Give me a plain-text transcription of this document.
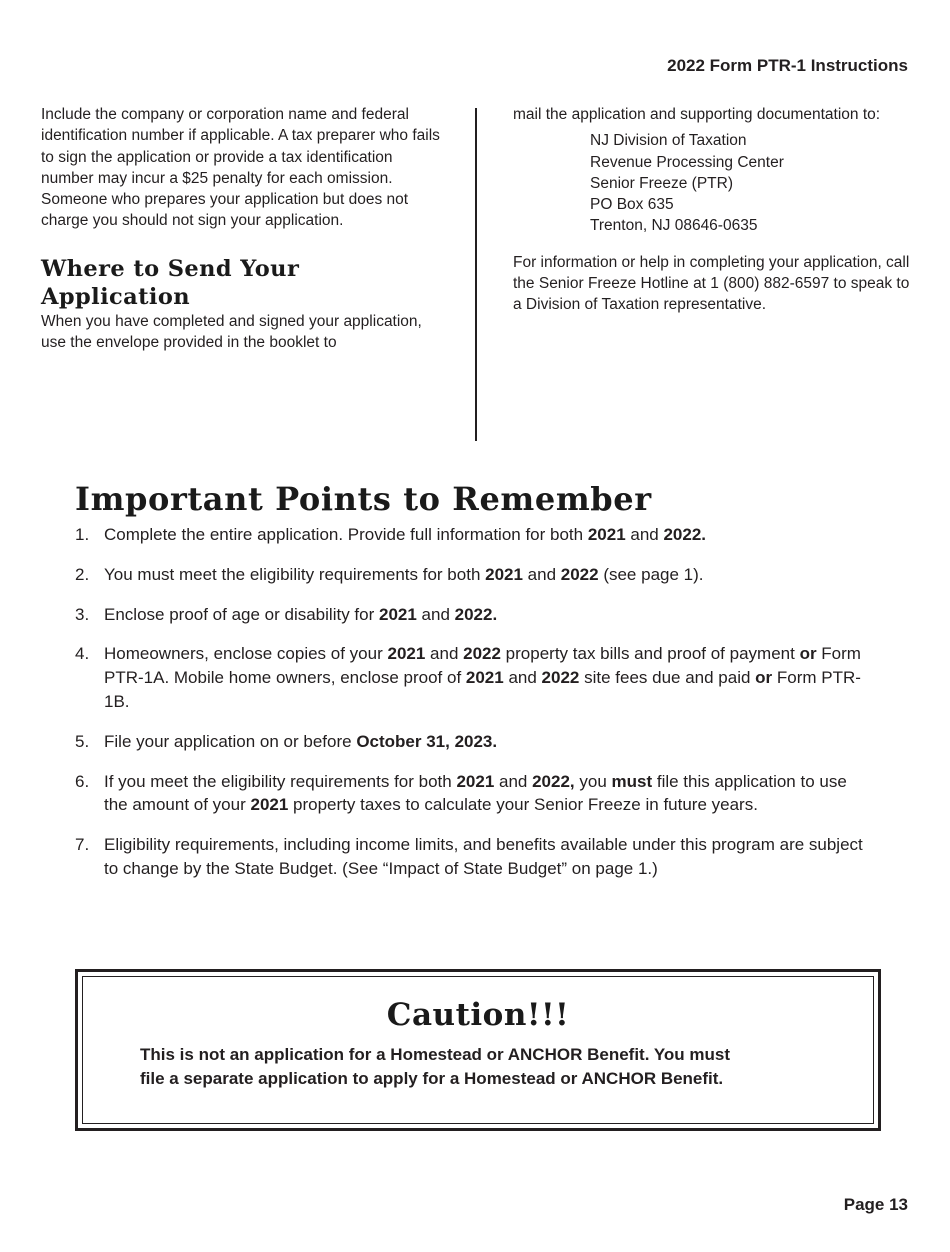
2022 Form PTR-1 Instructions

Include the company or corporation name and federal identification number if applicable. A tax preparer who fails to sign the application or provide a tax identification number may incur a $25 penalty for each omission. Someone who prepares your application but does not charge you should not sign your application.

Where to Send Your
Application

When you have completed and signed your application, use the envelope provided in the booklet to

mail the application and supporting documentation to:

NJ Division of Taxation
Revenue Processing Center
Senior Freeze (PTR)
PO Box 635
Trenton, NJ 08646-0635

For information or help in completing your application, call the Senior Freeze Hotline at 1 (800) 882-6597 to speak to a Division of Taxation representative.

Important Points to Remember
1. Complete the entire application. Provide full information for both 2021 and 2022.
2. You must meet the eligibility requirements for both 2021 and 2022 (see page 1).
3. Enclose proof of age or disability for 2021 and 2022.
4. Homeowners, enclose copies of your 2021 and 2022 property tax bills and proof of payment or Form PTR-1A. Mobile home owners, enclose proof of 2021 and 2022 site fees due and paid or Form PTR-1B.
5. File your application on or before October 31, 2023.
6. If you meet the eligibility requirements for both 2021 and 2022, you must file this application to use the amount of your 2021 property taxes to calculate your Senior Freeze in future years.
7. Eligibility requirements, including income limits, and benefits available under this program are subject to change by the State Budget. (See “Impact of State Budget” on page 1.)
Caution!!!
This is not an application for a Homestead or ANCHOR Benefit. You must
file a separate application to apply for a Homestead or ANCHOR Benefit.
Page 13
